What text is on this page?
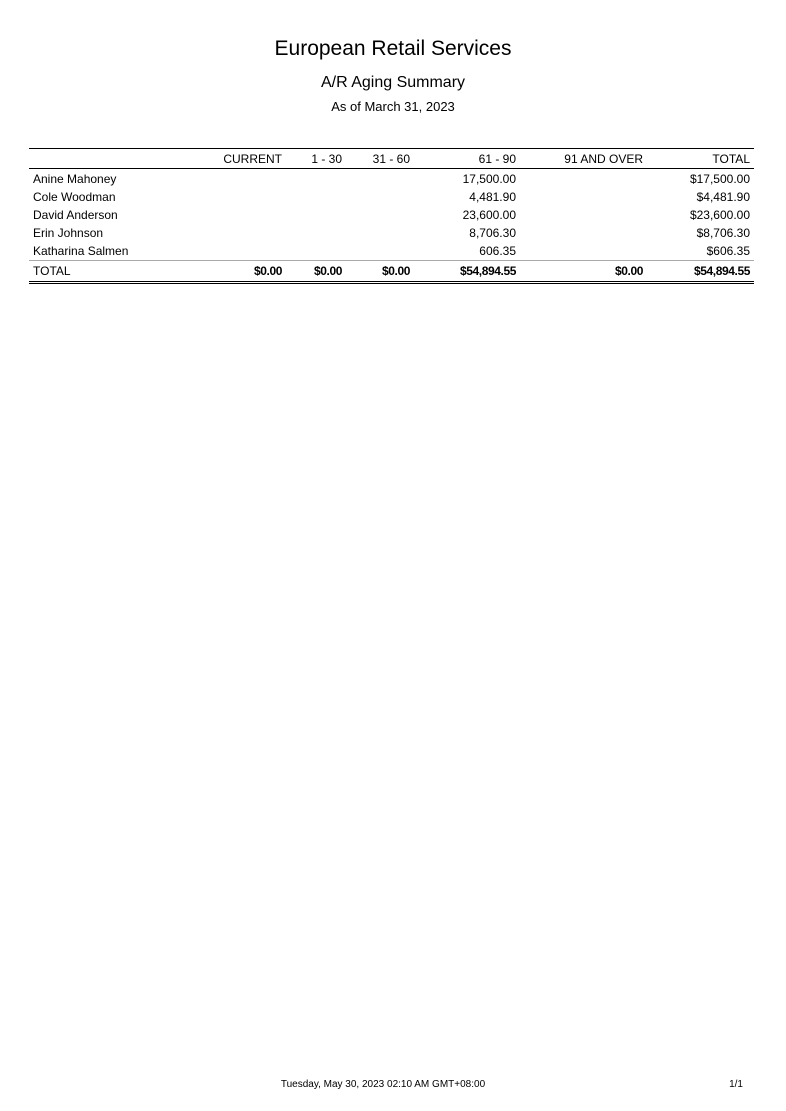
European Retail Services
A/R Aging Summary
As of March 31, 2023
	CURRENT	1 - 30	31 - 60	61 - 90	91 AND OVER	TOTAL
Anine Mahoney				17,500.00		$17,500.00
Cole Woodman				4,481.90		$4,481.90
David Anderson				23,600.00		$23,600.00
Erin Johnson				8,706.30		$8,706.30
Katharina Salmen				606.35		$606.35
TOTAL	$0.00	$0.00	$0.00	$54,894.55	$0.00	$54,894.55
Tuesday, May 30, 2023 02:10 AM GMT+08:00	1/1
